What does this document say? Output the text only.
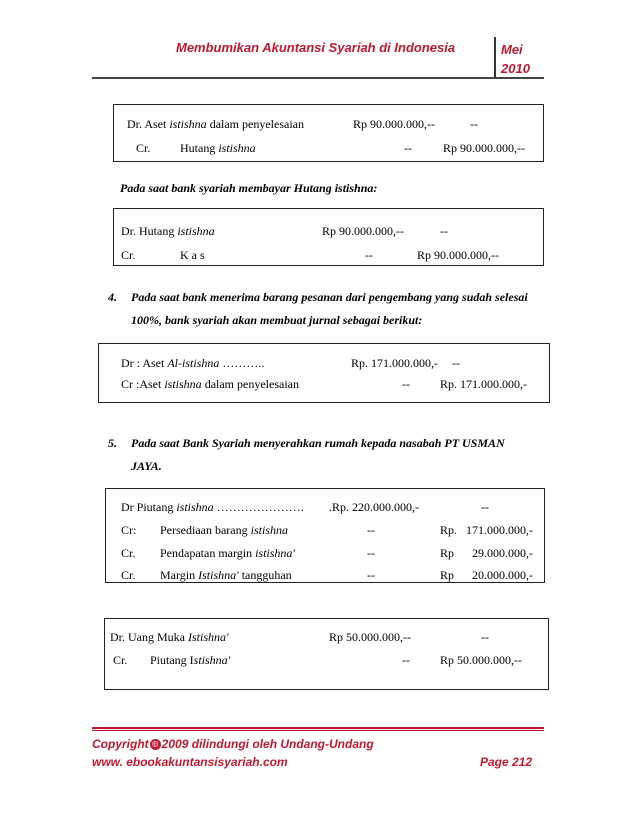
Membumikan Akuntansi Syariah di Indonesia	Mei
2010
Dr. Aset istishna dalam penyelesaian	Rp 90.000.000,--	--
Cr. Hutang istishna	--	Rp 90.000.000,--
Pada saat bank syariah membayar Hutang istishna:
Dr. Hutang istishna	Rp 90.000.000,--	--
Cr.	K a s	--	Rp 90.000.000,--
4. Pada saat bank menerima barang pesanan dari pengembang yang sudah selesai
100%, bank syariah akan membuat jurnal sebagai berikut:
Dr : Aset Al-istishna ………..	Rp. 171.000.000,- --
Cr :Aset istishna dalam penyelesaian	--	Rp. 171.000.000,-
5. Pada saat Bank Syariah menyerahkan rumah kepada nasabah PT USMAN
JAYA.
Dr Piutang istishna …………………. .Rp. 220.000.000,-	--
Cr: Persediaan barang istishna	--	Rp. 171.000.000,-
Cr. Pendapatan margin istishna'	--	Rp 29.000.000,-
Cr. Margin Istishna' tangguhan	--	Rp 20.000.000,-
Dr. Uang Muka Istishna'	Rp 50.000.000,--	--
Cr. Piutang Istishna'	--	Rp 50.000.000,--
Copyright © 2009 dilindungi oleh Undang-Undang
www. ebookakuntansisyariah.com	Page 212
